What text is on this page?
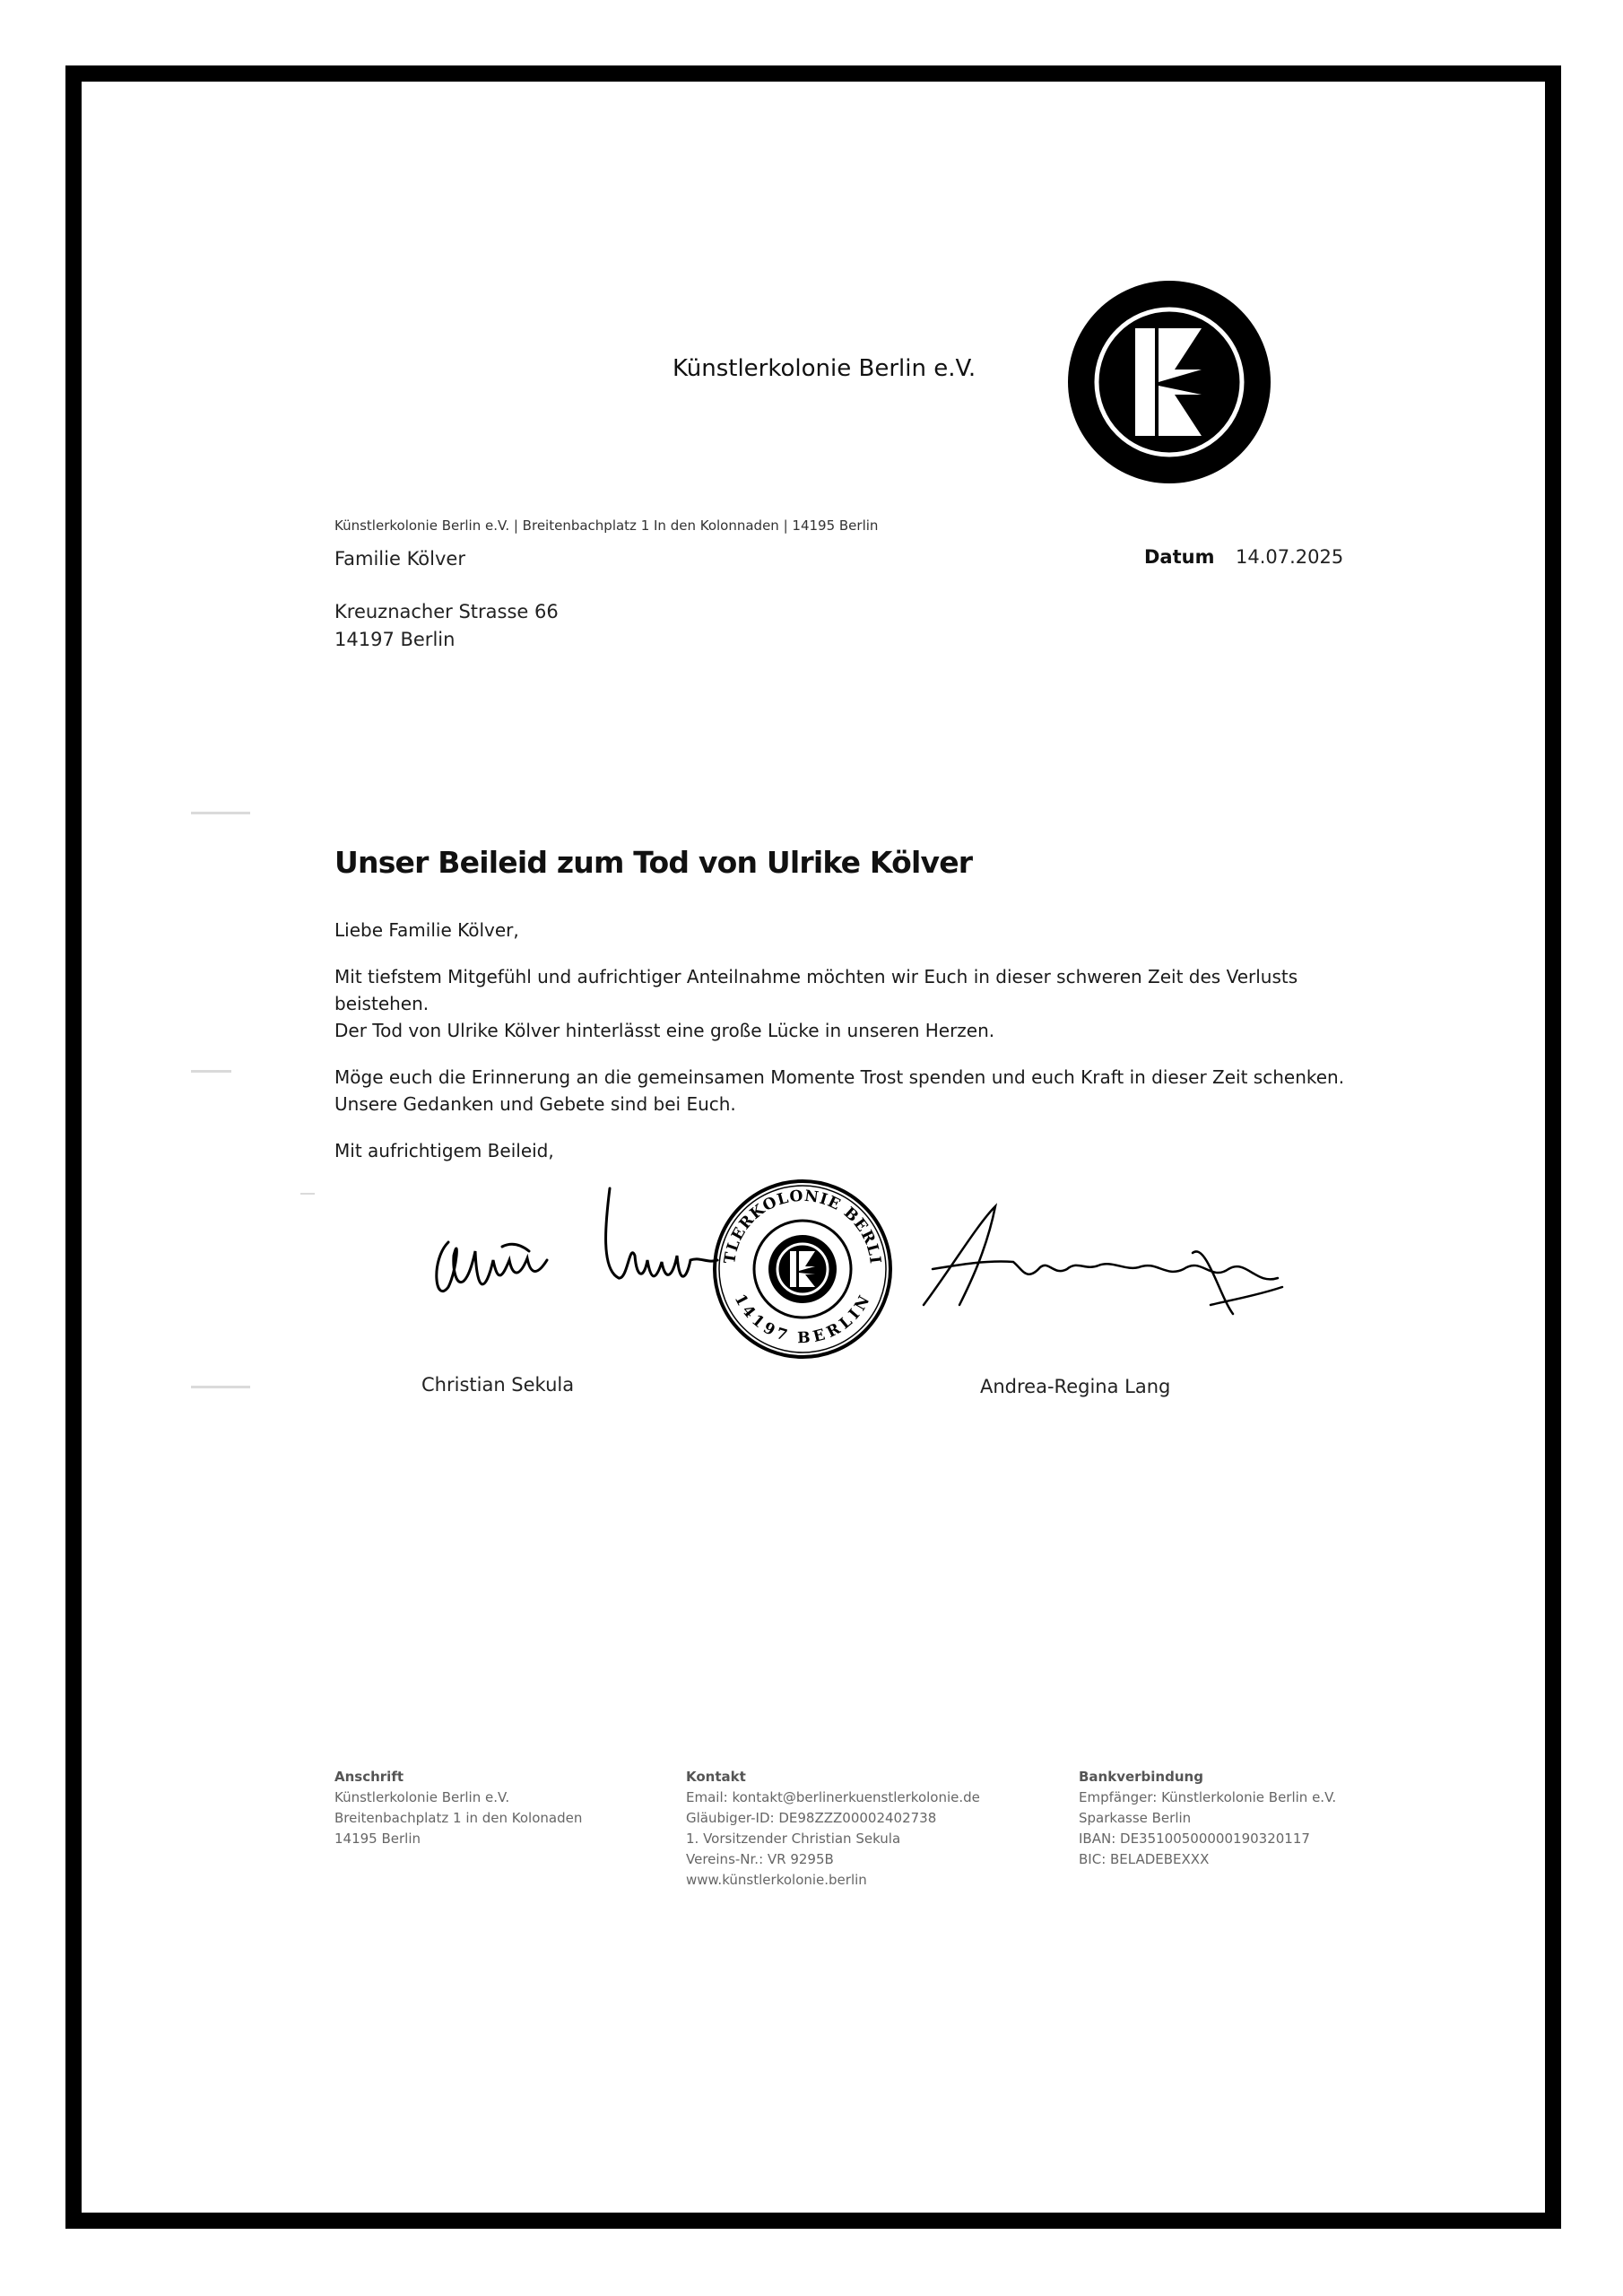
Künstlerkolonie Berlin e.V.
Künstlerkolonie Berlin e.V. | Breitenbachplatz 1 In den Kolonnaden | 14195 Berlin
Familie Kölver
Kreuznacher Strasse 66
14197 Berlin
Datum 14.07.2025
Unser Beileid zum Tod von Ulrike Kölver

Liebe Familie Kölver,

Mit tiefstem Mitgefühl und aufrichtiger Anteilnahme möchten wir Euch in dieser schweren Zeit des Verlusts beistehen.
Der Tod von Ulrike Kölver hinterlässt eine große Lücke in unseren Herzen.

Möge euch die Erinnerung an die gemeinsamen Momente Trost spenden und euch Kraft in dieser Zeit schenken.
Unsere Gedanken und Gebete sind bei Euch.

Mit aufrichtigem Beileid,

TLERKOLONIE BERLI
14197 BERLIN
Christian Sekula	Andrea-Regina Lang
Anschrift
Künstlerkolonie Berlin e.V.
Breitenbachplatz 1 in den Kolonaden
14195 Berlin
Kontakt
Email: kontakt@berlinerkuenstlerkolonie.de
Gläubiger-ID: DE98ZZZ00002402738
1. Vorsitzender Christian Sekula
Vereins-Nr.: VR 9295B
www.künstlerkolonie.berlin
Bankverbindung
Empfänger: Künstlerkolonie Berlin e.V.
Sparkasse Berlin
IBAN: DE35100500000190320117
BIC: BELADEBEXXX
